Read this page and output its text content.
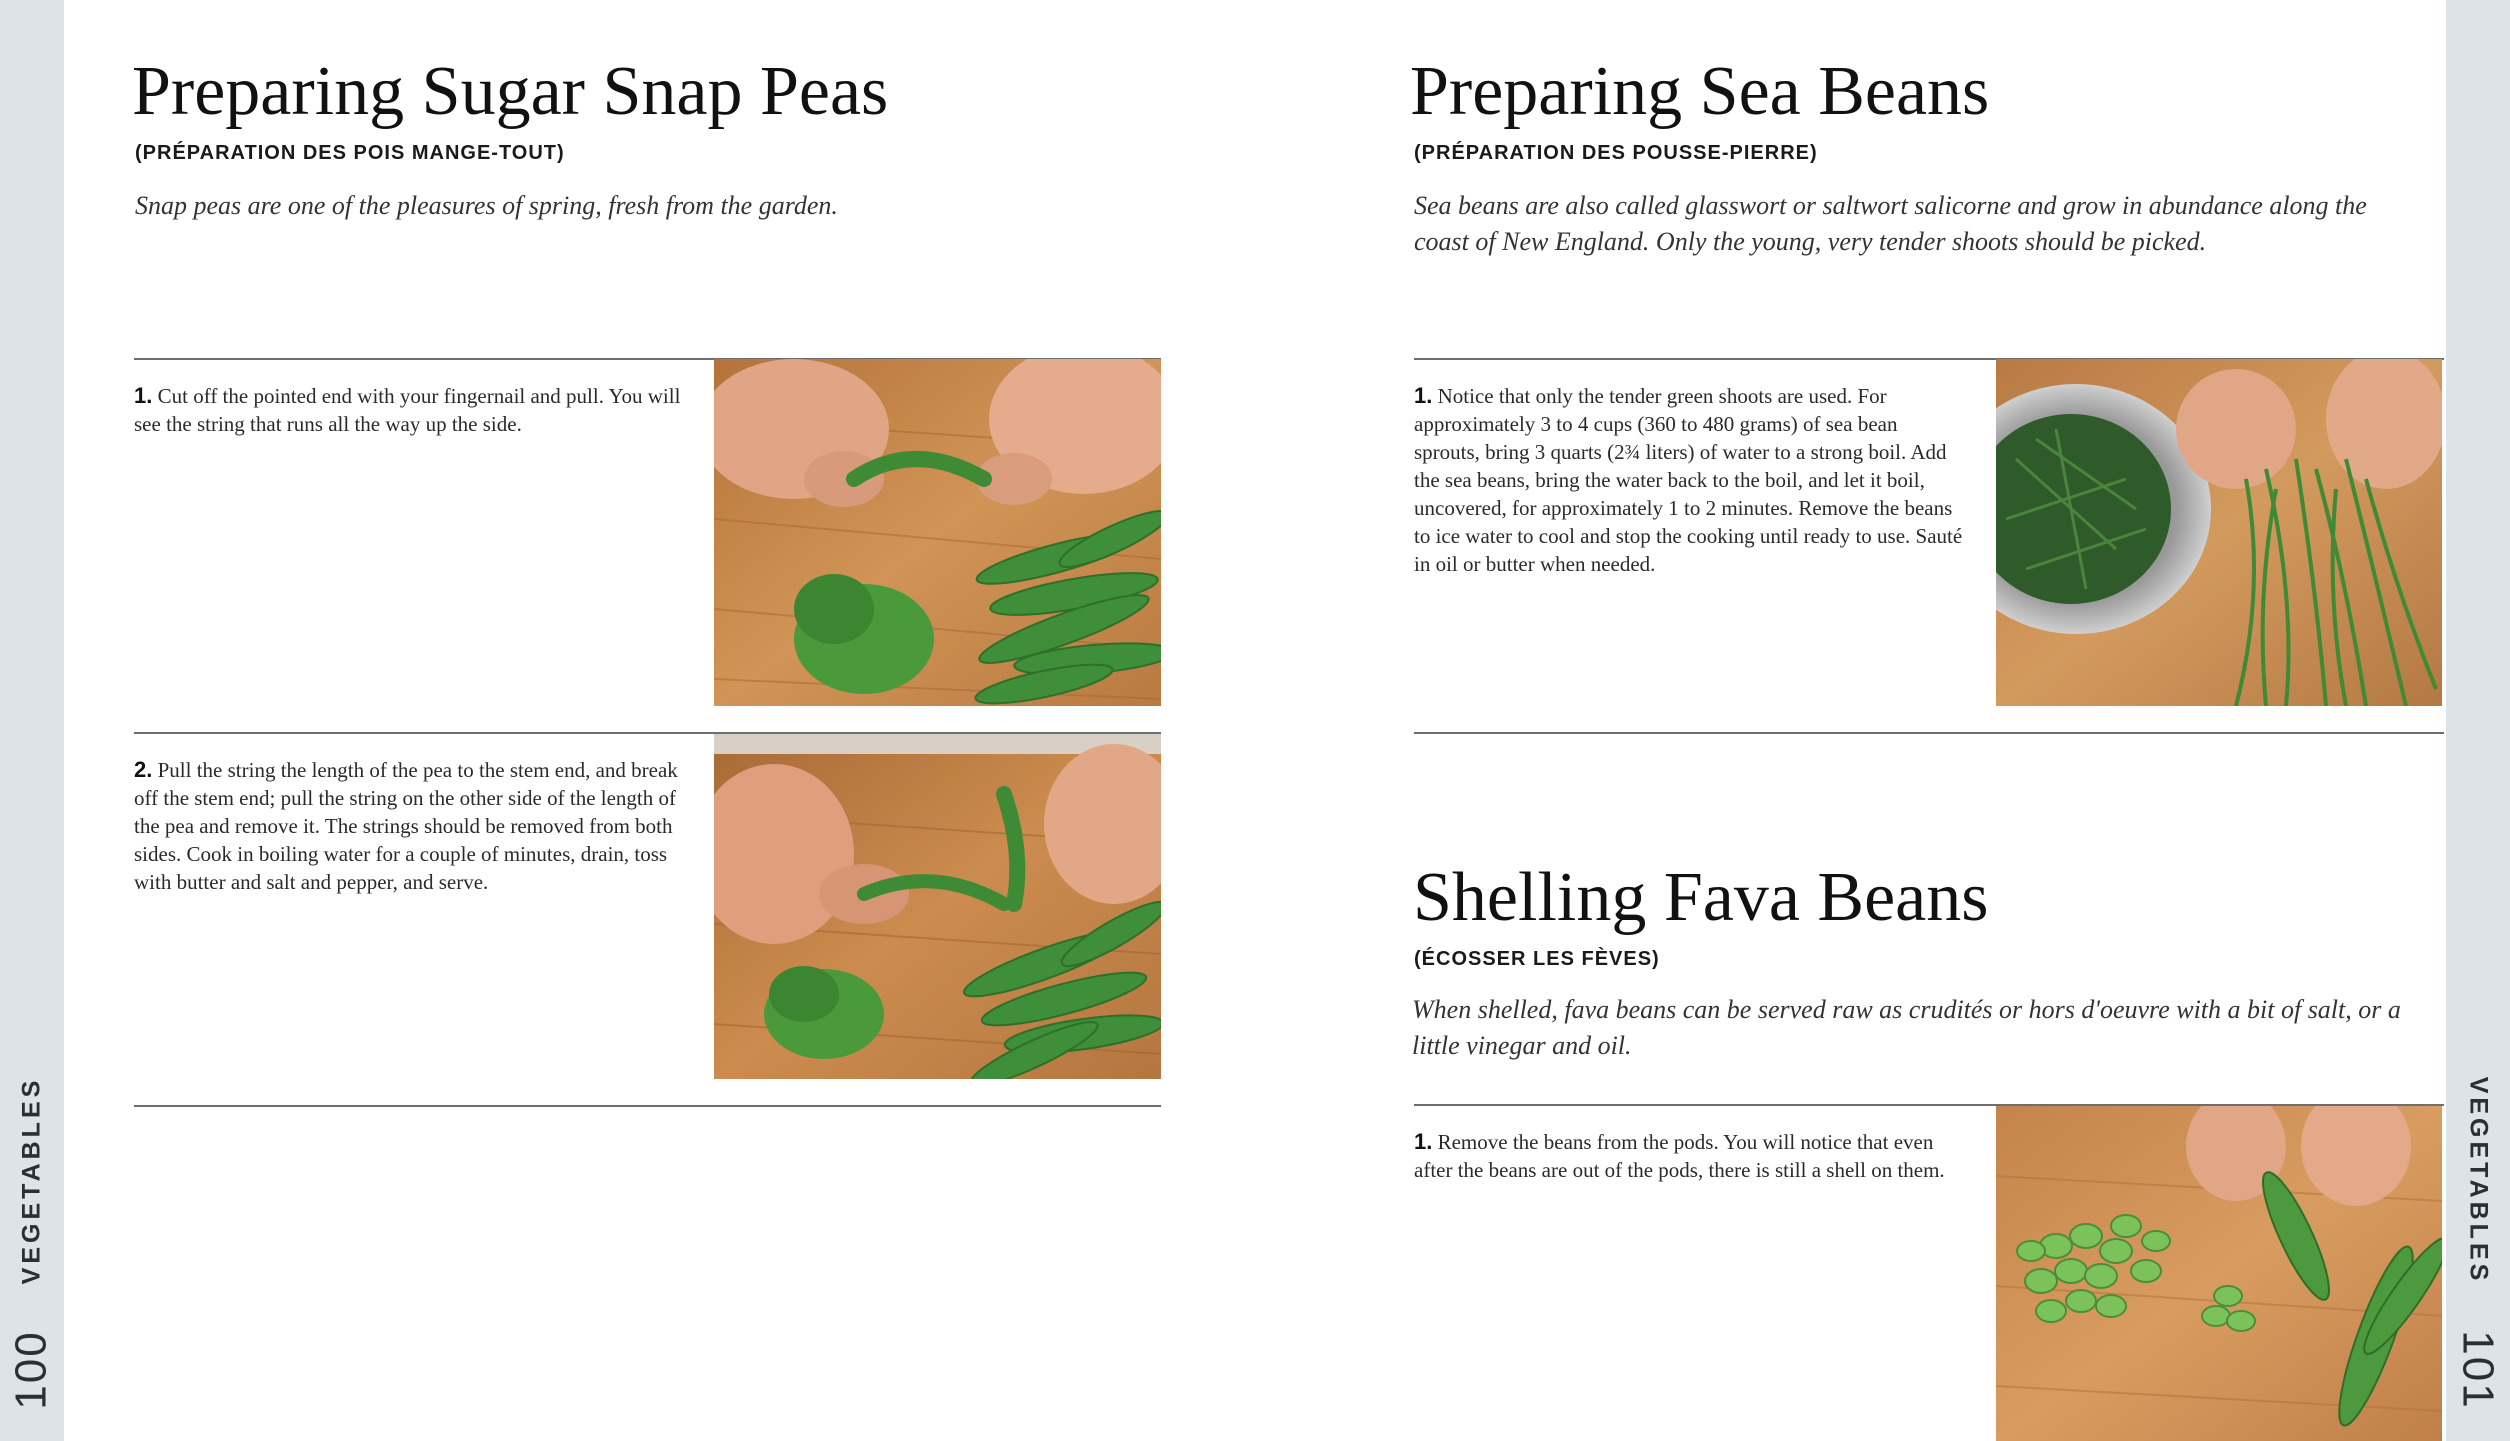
VEGETABLES
100
VEGETABLES
101
Preparing Sugar Snap Peas
(PRÉPARATION DES POIS MANGE-TOUT)

Snap peas are one of the pleasures of spring, fresh from the garden.

1. Cut off the pointed end with your fingernail and pull. You will see the string that runs all the way up the side.

2. Pull the string the length of the pea to the stem end, and break off the stem end; pull the string on the other side of the length of the pea and remove it. The strings should be removed from both sides. Cook in boiling water for a couple of minutes, drain, toss with butter and salt and pepper, and serve.

Preparing Sea Beans
(PRÉPARATION DES POUSSE-PIERRE)

Sea beans are also called glasswort or saltwort salicorne and grow in abundance along the coast of New England. Only the young, very tender shoots should be picked.

1. Notice that only the tender green shoots are used. For approximately 3 to 4 cups (360 to 480 grams) of sea bean sprouts, bring 3 quarts (2¾ liters) of water to a strong boil. Add the sea beans, bring the water back to the boil, and let it boil, uncovered, for approximately 1 to 2 minutes. Remove the beans to ice water to cool and stop the cooking until ready to use. Sauté in oil or butter when needed.

Shelling Fava Beans
(ÉCOSSER LES FÈVES)

When shelled, fava beans can be served raw as crudités or hors d'oeuvre with a bit of salt, or a little vinegar and oil.

1. Remove the beans from the pods. You will notice that even after the beans are out of the pods, there is still a shell on them.
